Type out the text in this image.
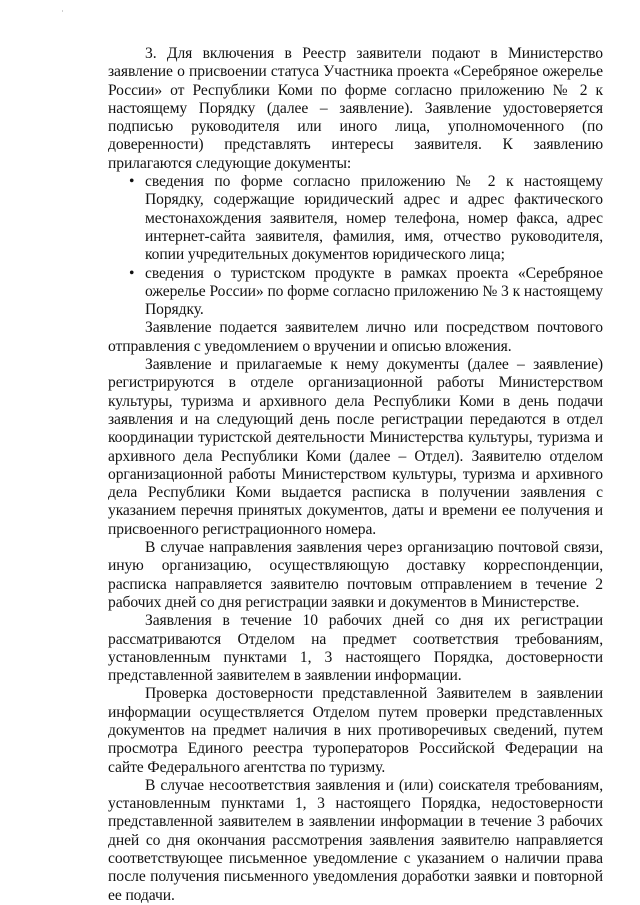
3. Для включения в Реестр заявители подают в Министерство заявление о присвоении статуса Участника проекта «Серебряное ожерелье России» от Республики Коми по форме согласно приложению № 2 к настоящему Порядку (далее – заявление). Заявление удостоверяется подписью руководителя или иного лица, уполномоченного (по доверенности) представлять интересы заявителя. К заявлению прилагаются следующие документы:

• сведения по форме согласно приложению № 2 к настоящему Порядку, содержащие юридический адрес и адрес фактического местонахождения заявителя, номер телефона, номер факса, адрес интернет-сайта заявителя, фамилия, имя, отчество руководителя, копии учредительных документов юридического лица;
• сведения о туристском продукте в рамках проекта «Серебряное ожерелье России» по форме согласно приложению № 3 к настоящему Порядку.

Заявление подается заявителем лично или посредством почтового отправления с уведомлением о вручении и описью вложения.

Заявление и прилагаемые к нему документы (далее – заявление) регистрируются в отделе организационной работы Министерством культуры, туризма и архивного дела Республики Коми в день подачи заявления и на следующий день после регистрации передаются в отдел координации туристской деятельности Министерства культуры, туризма и архивного дела Республики Коми (далее – Отдел). Заявителю отделом организационной работы Министерством культуры, туризма и архивного дела Республики Коми выдается расписка в получении заявления с указанием перечня принятых документов, даты и времени ее получения и присвоенного регистрационного номера.

В случае направления заявления через организацию почтовой связи, иную организацию, осуществляющую доставку корреспонденции, расписка направляется заявителю почтовым отправлением в течение 2 рабочих дней со дня регистрации заявки и документов в Министерстве.

Заявления в течение 10 рабочих дней со дня их регистрации рассматриваются Отделом на предмет соответствия требованиям, установленным пунктами 1, 3 настоящего Порядка, достоверности представленной заявителем в заявлении информации.

Проверка достоверности представленной Заявителем в заявлении информации осуществляется Отделом путем проверки представленных документов на предмет наличия в них противоречивых сведений, путем просмотра Единого реестра туроператоров Российской Федерации на сайте Федерального агентства по туризму.

В случае несоответствия заявления и (или) соискателя требованиям, установленным пунктами 1, 3 настоящего Порядка, недостоверности представленной заявителем в заявлении информации в течение 3 рабочих дней со дня окончания рассмотрения заявления заявителю направляется соответствующее письменное уведомление с указанием о наличии права после получения письменного уведомления доработки заявки и повторной ее подачи.
